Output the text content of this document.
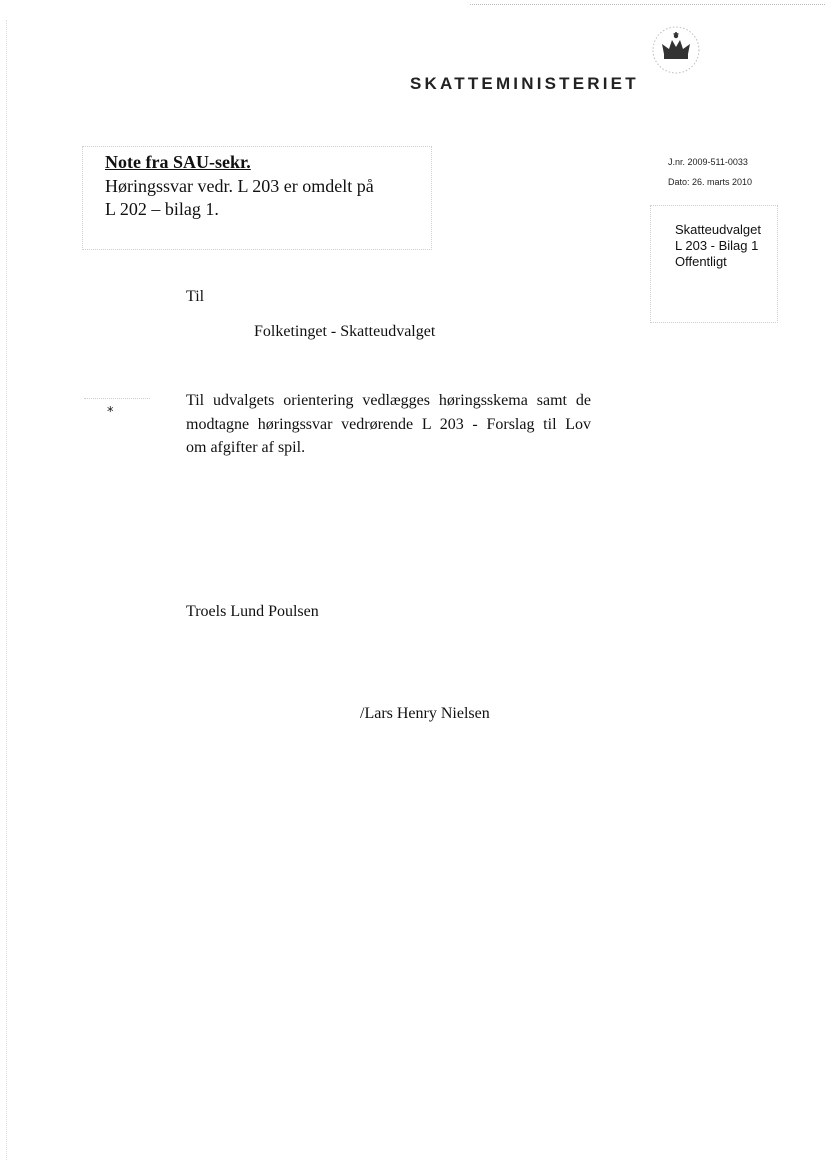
SKATTEMINISTERIET
Note fra SAU-sekr.
Høringssvar vedr. L 203 er omdelt på
L 202 – bilag 1.
J.nr. 2009-511-0033
Dato: 26. marts 2010
Skatteudvalget
L 203 - Bilag 1
Offentligt
Til
Folketinget - Skatteudvalget
*
Til udvalgets orientering vedlægges høringsskema samt de
modtagne høringssvar vedrørende L 203 - Forslag til Lov
om afgifter af spil.
Troels Lund Poulsen
/Lars Henry Nielsen
